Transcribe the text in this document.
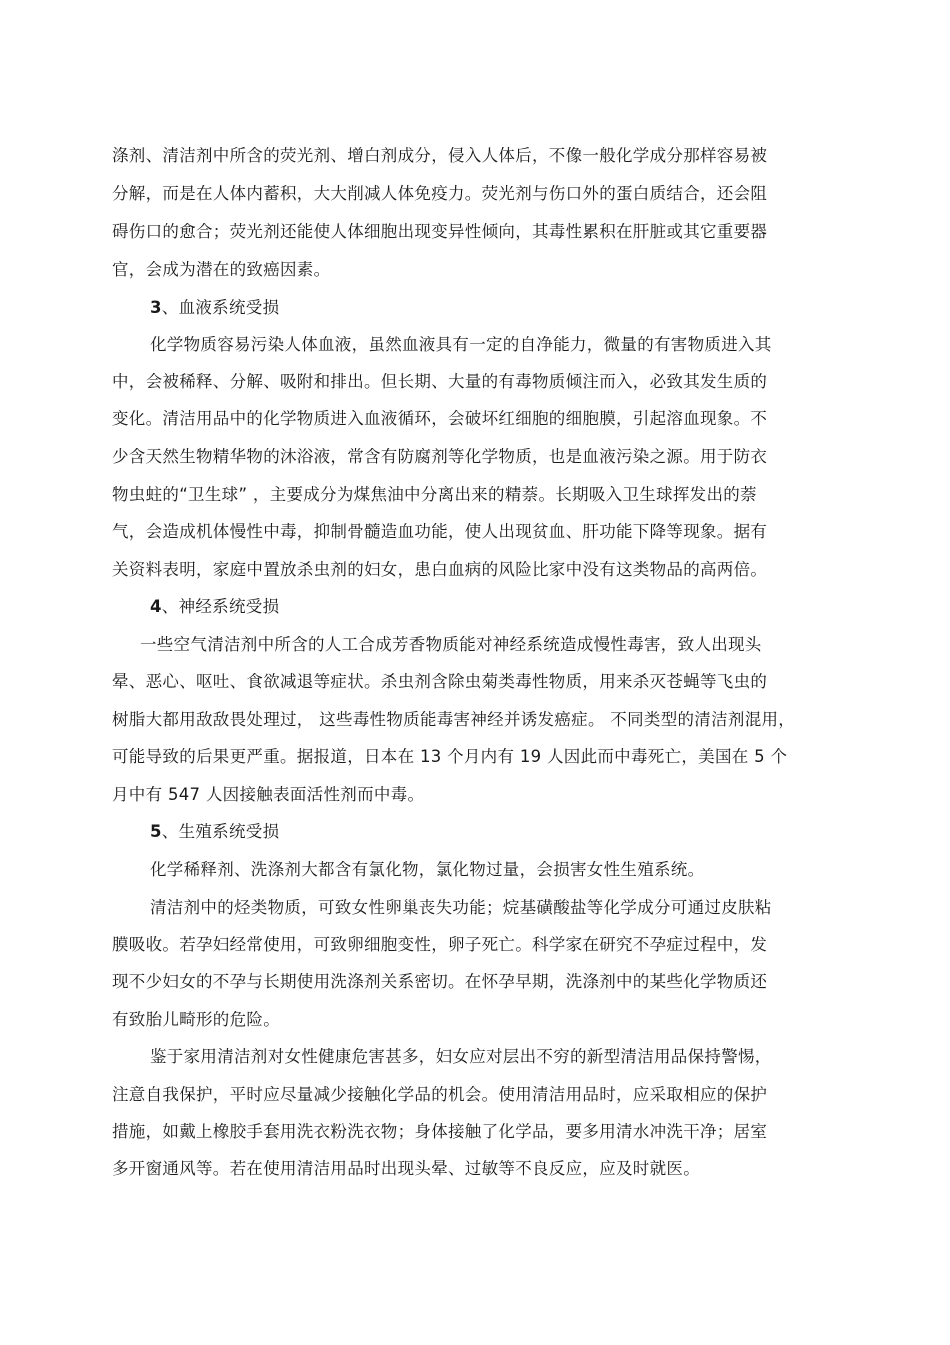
涤剂、清洁剂中所含的荧光剂、增白剂成分，侵入人体后，不像一般化学成分那样容易被
分解，而是在人体内蓄积，大大削减人体免疫力。荧光剂与伤口外的蛋白质结合，还会阻
碍伤口的愈合；荧光剂还能使人体细胞出现变异性倾向，其毒性累积在肝脏或其它重要器
官，会成为潜在的致癌因素。
3、血液系统受损
化学物质容易污染人体血液，虽然血液具有一定的自净能力，微量的有害物质进入其
中，会被稀释、分解、吸附和排出。但长期、大量的有毒物质倾注而入，必致其发生质的
变化。清洁用品中的化学物质进入血液循环，会破坏红细胞的细胞膜，引起溶血现象。不
少含天然生物精华物的沐浴液，常含有防腐剂等化学物质，也是血液污染之源。用于防衣
物虫蛀的“卫生球” ，主要成分为煤焦油中分离出来的精萘。长期吸入卫生球挥发出的萘
气，会造成机体慢性中毒，抑制骨髓造血功能，使人出现贫血、肝功能下降等现象。据有
关资料表明，家庭中置放杀虫剂的妇女，患白血病的风险比家中没有这类物品的高两倍。
4、神经系统受损
一些空气清洁剂中所含的人工合成芳香物质能对神经系统造成慢性毒害，致人出现头
晕、恶心、呕吐、食欲减退等症状。杀虫剂含除虫菊类毒性物质，用来杀灭苍蝇等飞虫的
树脂大都用敌敌畏处理过， 这些毒性物质能毒害神经并诱发癌症。 不同类型的清洁剂混用，
可能导致的后果更严重。据报道，日本在 13 个月内有 19 人因此而中毒死亡，美国在 5 个
月中有 547 人因接触表面活性剂而中毒。
5、生殖系统受损
化学稀释剂、洗涤剂大都含有氯化物，氯化物过量，会损害女性生殖系统。
清洁剂中的烃类物质，可致女性卵巢丧失功能；烷基磺酸盐等化学成分可通过皮肤粘
膜吸收。若孕妇经常使用，可致卵细胞变性，卵子死亡。科学家在研究不孕症过程中，发
现不少妇女的不孕与长期使用洗涤剂关系密切。在怀孕早期，洗涤剂中的某些化学物质还
有致胎儿畸形的危险。
鉴于家用清洁剂对女性健康危害甚多，妇女应对层出不穷的新型清洁用品保持警惕，
注意自我保护，平时应尽量减少接触化学品的机会。使用清洁用品时，应采取相应的保护
措施，如戴上橡胶手套用洗衣粉洗衣物；身体接触了化学品，要多用清水冲洗干净；居室
多开窗通风等。若在使用清洁用品时出现头晕、过敏等不良反应，应及时就医。
